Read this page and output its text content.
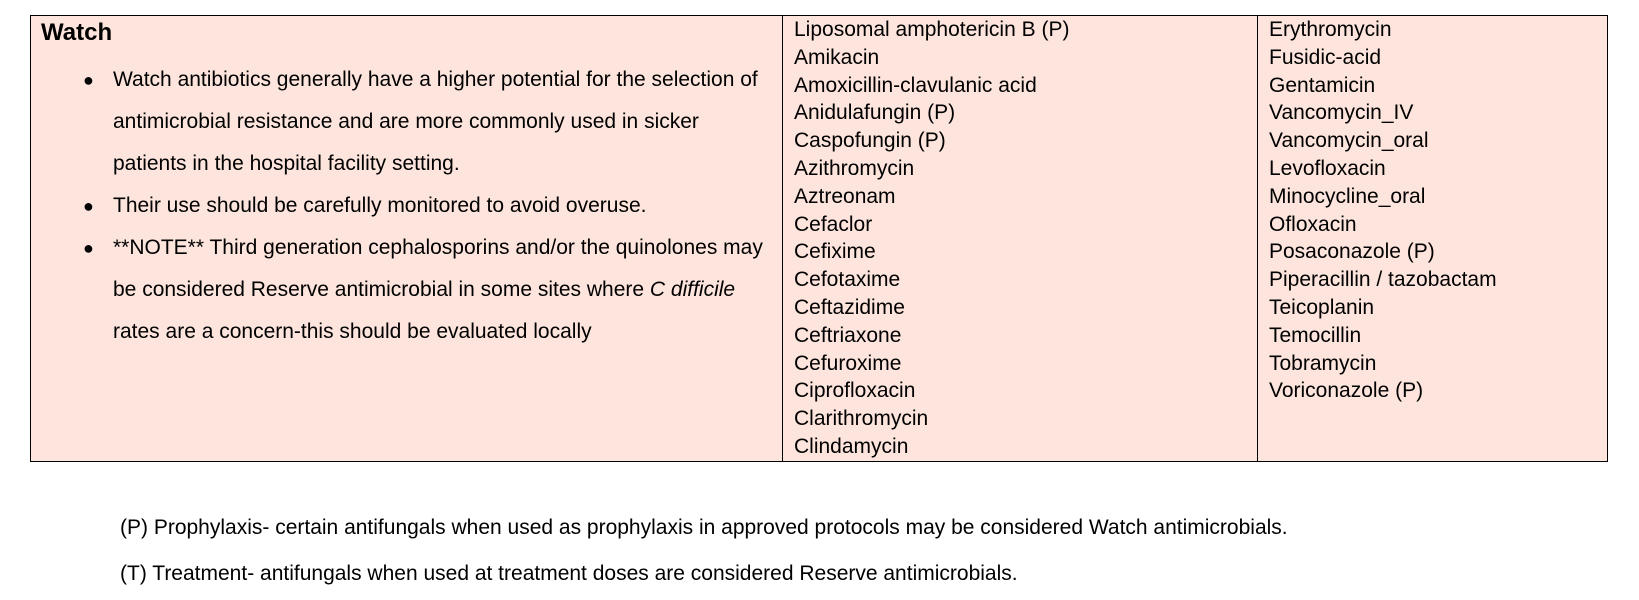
Watch
● Watch antibiotics generally have a higher potential for the selection of antimicrobial resistance and are more commonly used in sicker patients in the hospital facility setting.
● Their use should be carefully monitored to avoid overuse.
● **NOTE** Third generation cephalosporins and/or the quinolones may be considered Reserve antimicrobial in some sites where C difficile rates are a concern-this should be evaluated locally

Liposomal amphotericin B (P)
Amikacin
Amoxicillin-clavulanic acid
Anidulafungin (P)
Caspofungin (P)
Azithromycin
Aztreonam
Cefaclor
Cefixime
Cefotaxime
Ceftazidime
Ceftriaxone
Cefuroxime
Ciprofloxacin
Clarithromycin
Clindamycin

Erythromycin
Fusidic-acid
Gentamicin
Vancomycin_IV
Vancomycin_oral
Levofloxacin
Minocycline_oral
Ofloxacin
Posaconazole (P)
Piperacillin / tazobactam
Teicoplanin
Temocillin
Tobramycin
Voriconazole (P)

(P) Prophylaxis- certain antifungals when used as prophylaxis in approved protocols may be considered Watch antimicrobials.

(T) Treatment- antifungals when used at treatment doses are considered Reserve antimicrobials.
